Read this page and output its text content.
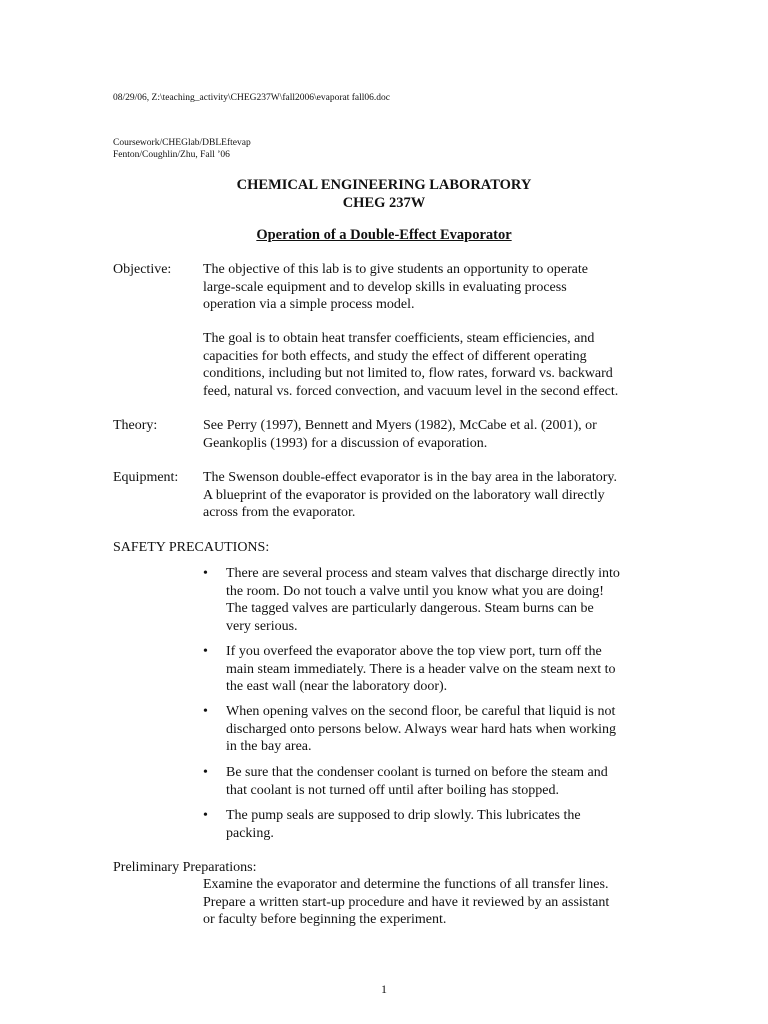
08/29/06, Z:\teaching_activity\CHEG237W\fall2006\evaporat fall06.doc
Coursework/CHEGlab/DBLEftevap
Fenton/Coughlin/Zhu, Fall ’06
CHEMICAL ENGINEERING LABORATORY
CHEG 237W
Operation of a Double-Effect Evaporator
Objective: The objective of this lab is to give students an opportunity to operate
large-scale equipment and to develop skills in evaluating process
operation via a simple process model.
The goal is to obtain heat transfer coefficients, steam efficiencies, and
capacities for both effects, and study the effect of different operating
conditions, including but not limited to, flow rates, forward vs. backward
feed, natural vs. forced convection, and vacuum level in the second effect.
Theory:	See Perry (1997), Bennett and Myers (1982), McCabe et al. (2001), or
Geankoplis (1993) for a discussion of evaporation.
Equipment: The Swenson double-effect evaporator is in the bay area in the laboratory.
A blueprint of the evaporator is provided on the laboratory wall directly
across from the evaporator.
SAFETY PRECAUTIONS:
• There are several process and steam valves that discharge directly into
the room. Do not touch a valve until you know what you are doing!
The tagged valves are particularly dangerous. Steam burns can be
very serious.
• If you overfeed the evaporator above the top view port, turn off the
main steam immediately. There is a header valve on the steam next to
the east wall (near the laboratory door).
• When opening valves on the second floor, be careful that liquid is not
discharged onto persons below. Always wear hard hats when working
in the bay area.
• Be sure that the condenser coolant is turned on before the steam and
that coolant is not turned off until after boiling has stopped.
• The pump seals are supposed to drip slowly. This lubricates the
packing.
Preliminary Preparations:
Examine the evaporator and determine the functions of all transfer lines.
Prepare a written start-up procedure and have it reviewed by an assistant
or faculty before beginning the experiment.
1
